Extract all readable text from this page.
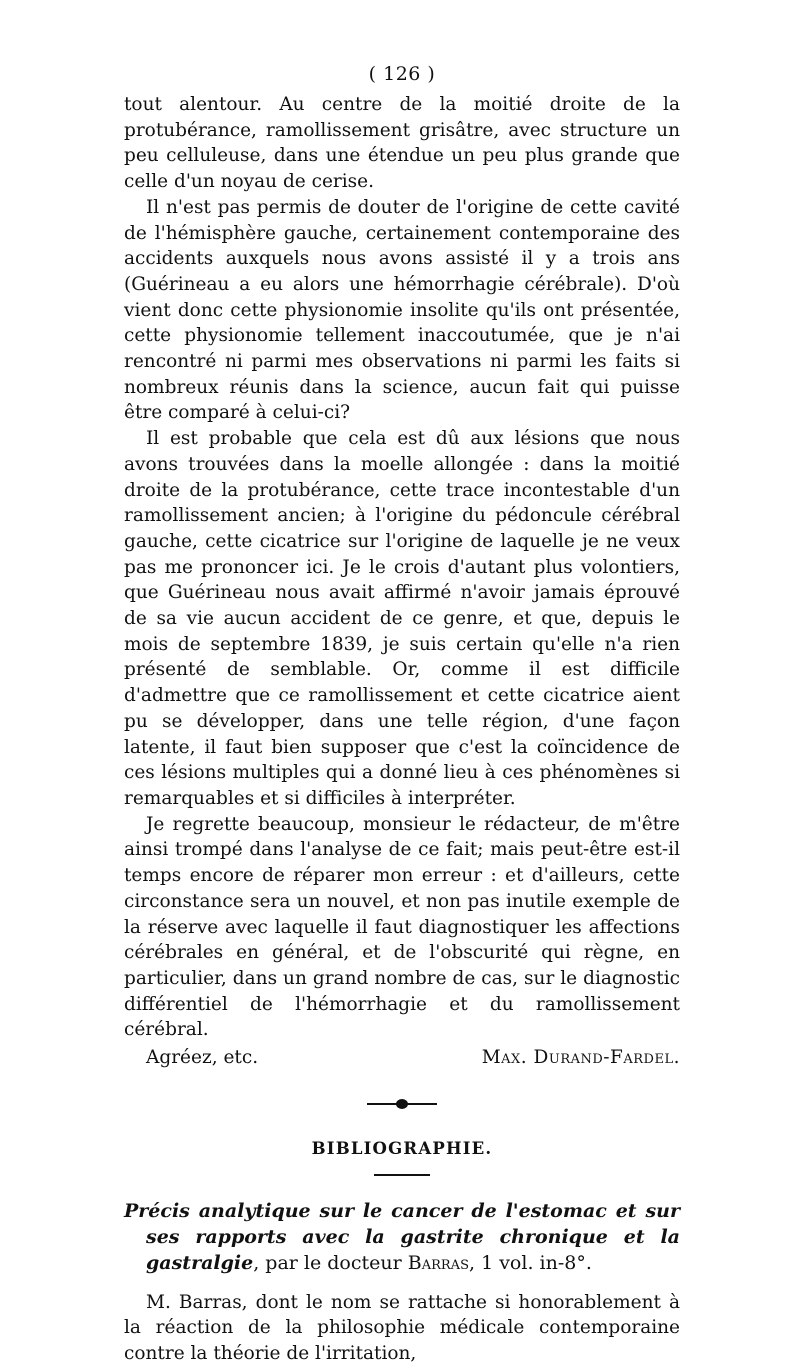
( 126 )

tout alentour. Au centre de la moitié droite de la protubérance, ramollissement grisâtre, avec structure un peu celluleuse, dans une étendue un peu plus grande que celle d'un noyau de cerise.

Il n'est pas permis de douter de l'origine de cette cavité de l'hémisphère gauche, certainement contemporaine des accidents auxquels nous avons assisté il y a trois ans (Guérineau a eu alors une hémorrhagie cérébrale). D'où vient donc cette physionomie insolite qu'ils ont présentée, cette physionomie tellement inaccoutumée, que je n'ai rencontré ni parmi mes observations ni parmi les faits si nombreux réunis dans la science, aucun fait qui puisse être comparé à celui-ci?

Il est probable que cela est dû aux lésions que nous avons trouvées dans la moelle allongée : dans la moitié droite de la protubérance, cette trace incontestable d'un ramollissement ancien; à l'origine du pédoncule cérébral gauche, cette cicatrice sur l'origine de laquelle je ne veux pas me prononcer ici. Je le crois d'autant plus volontiers, que Guérineau nous avait affirmé n'avoir jamais éprouvé de sa vie aucun accident de ce genre, et que, depuis le mois de septembre 1839, je suis certain qu'elle n'a rien présenté de semblable. Or, comme il est difficile d'admettre que ce ramollissement et cette cicatrice aient pu se développer, dans une telle région, d'une façon latente, il faut bien supposer que c'est la coïncidence de ces lésions multiples qui a donné lieu à ces phénomènes si remarquables et si difficiles à interpréter.

Je regrette beaucoup, monsieur le rédacteur, de m'être ainsi trompé dans l'analyse de ce fait; mais peut-être est-il temps encore de réparer mon erreur : et d'ailleurs, cette circonstance sera un nouvel, et non pas inutile exemple de la réserve avec laquelle il faut diagnostiquer les affections cérébrales en général, et de l'obscurité qui règne, en particulier, dans un grand nombre de cas, sur le diagnostic différentiel de l'hémorrhagie et du ramollissement cérébral.

Agréez, etc.	Max. Durand-Fardel.
BIBLIOGRAPHIE.

Précis analytique sur le cancer de l'estomac et sur ses rapports avec la gastrite chronique et la gastralgie, par le docteur Barras, 1 vol. in-8°.

M. Barras, dont le nom se rattache si honorablement à la réaction de la philosophie médicale contemporaine contre la théorie de l'irritation,
